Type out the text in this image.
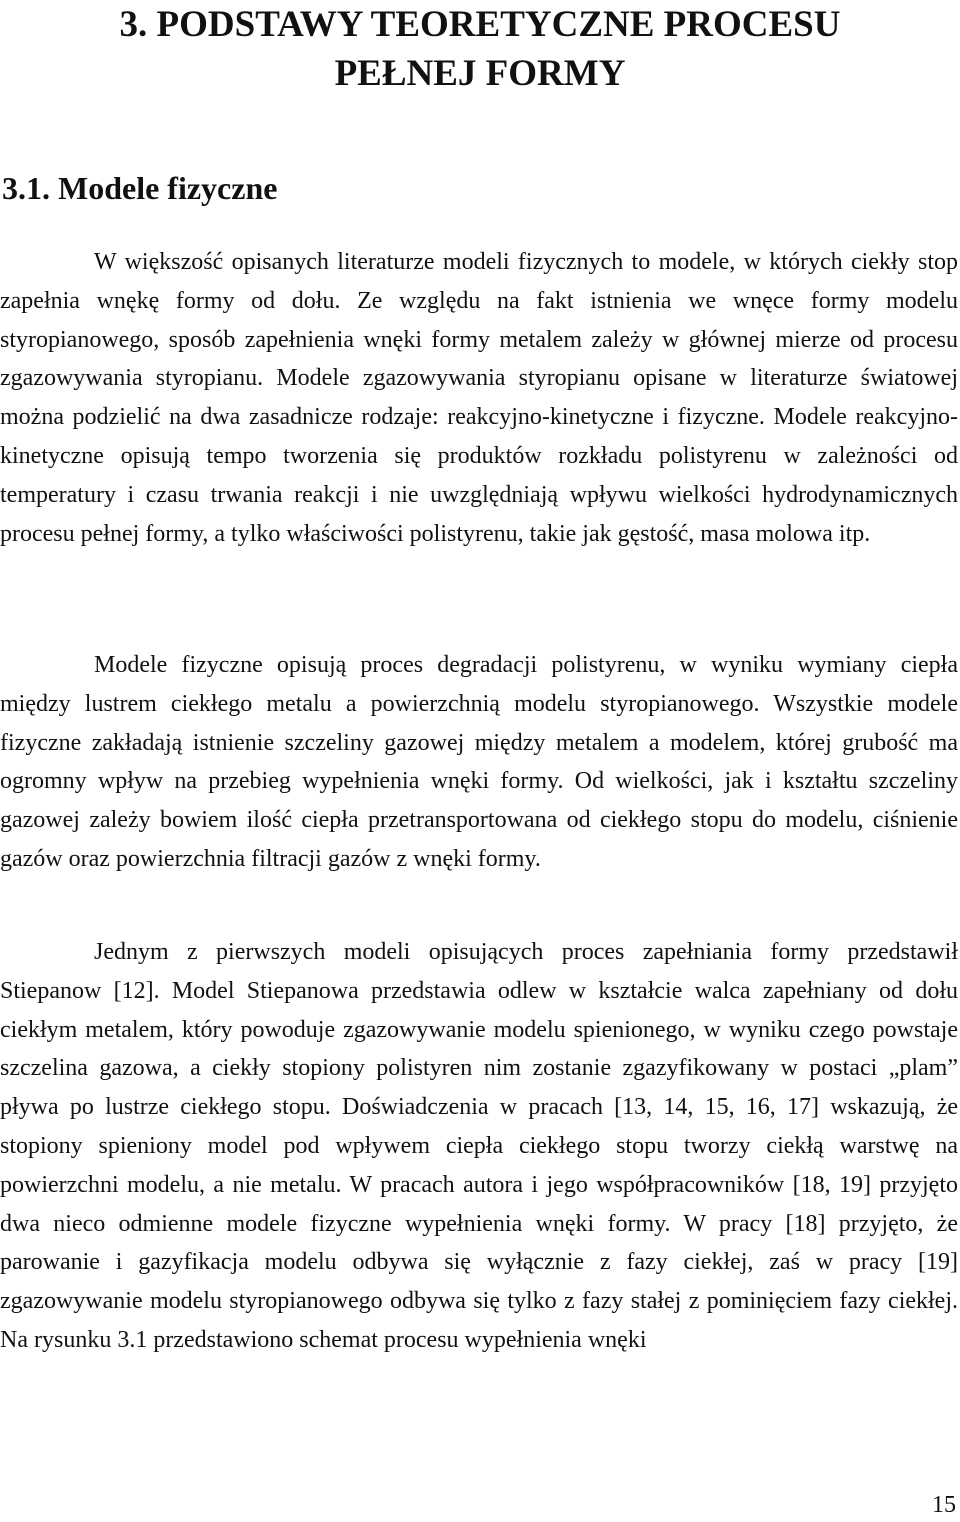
3. PODSTAWY TEORETYCZNE PROCESU
PEŁNEJ FORMY
3.1. Modele fizyczne

W większość opisanych literaturze modeli fizycznych to modele, w których ciekły stop zapełnia wnękę formy od dołu. Ze względu na fakt istnienia we wnęce formy modelu styropianowego, sposób zapełnienia wnęki formy metalem zależy w głównej mierze od procesu zgazowywania styropianu. Modele zgazowywania styropianu opisane w literaturze światowej można podzielić na dwa zasadnicze rodzaje: reakcyjno-kinetyczne i fizyczne. Modele reakcyjno-kinetyczne opisują tempo tworzenia się produktów rozkładu polistyrenu w zależności od temperatury i czasu trwania reakcji i nie uwzględniają wpływu wielkości hydrodynamicznych procesu pełnej formy, a tylko właściwości polistyrenu, takie jak gęstość, masa molowa itp.

Modele fizyczne opisują proces degradacji polistyrenu, w wyniku wymiany ciepła między lustrem ciekłego metalu a powierzchnią modelu styropianowego. Wszystkie modele fizyczne zakładają istnienie szczeliny gazowej między metalem a modelem, której grubość ma ogromny wpływ na przebieg wypełnienia wnęki formy. Od wielkości, jak i kształtu szczeliny gazowej zależy bowiem ilość ciepła przetransportowana od ciekłego stopu do modelu, ciśnienie gazów oraz powierzchnia filtracji gazów z wnęki formy.

Jednym z pierwszych modeli opisujących proces zapełniania formy przedstawił Stiepanow [12]. Model Stiepanowa przedstawia odlew w kształcie walca zapełniany od dołu ciekłym metalem, który powoduje zgazowywanie modelu spienionego, w wyniku czego powstaje szczelina gazowa, a ciekły stopiony polistyren nim zostanie zgazyfikowany w postaci „plam” pływa po lustrze ciekłego stopu. Doświadczenia w pracach [13, 14, 15, 16, 17] wskazują, że stopiony spieniony model pod wpływem ciepła ciekłego stopu tworzy ciekłą warstwę na powierzchni modelu, a nie metalu. W pracach autora i jego współpracowników [18, 19] przyjęto dwa nieco odmienne modele fizyczne wypełnienia wnęki formy. W pracy [18] przyjęto, że parowanie i gazyfikacja modelu odbywa się wyłącznie z fazy ciekłej, zaś w pracy [19] zgazowywanie modelu styropianowego odbywa się tylko z fazy stałej z pominięciem fazy ciekłej. Na rysunku 3.1 przedstawiono schemat procesu wypełnienia wnęki

15
